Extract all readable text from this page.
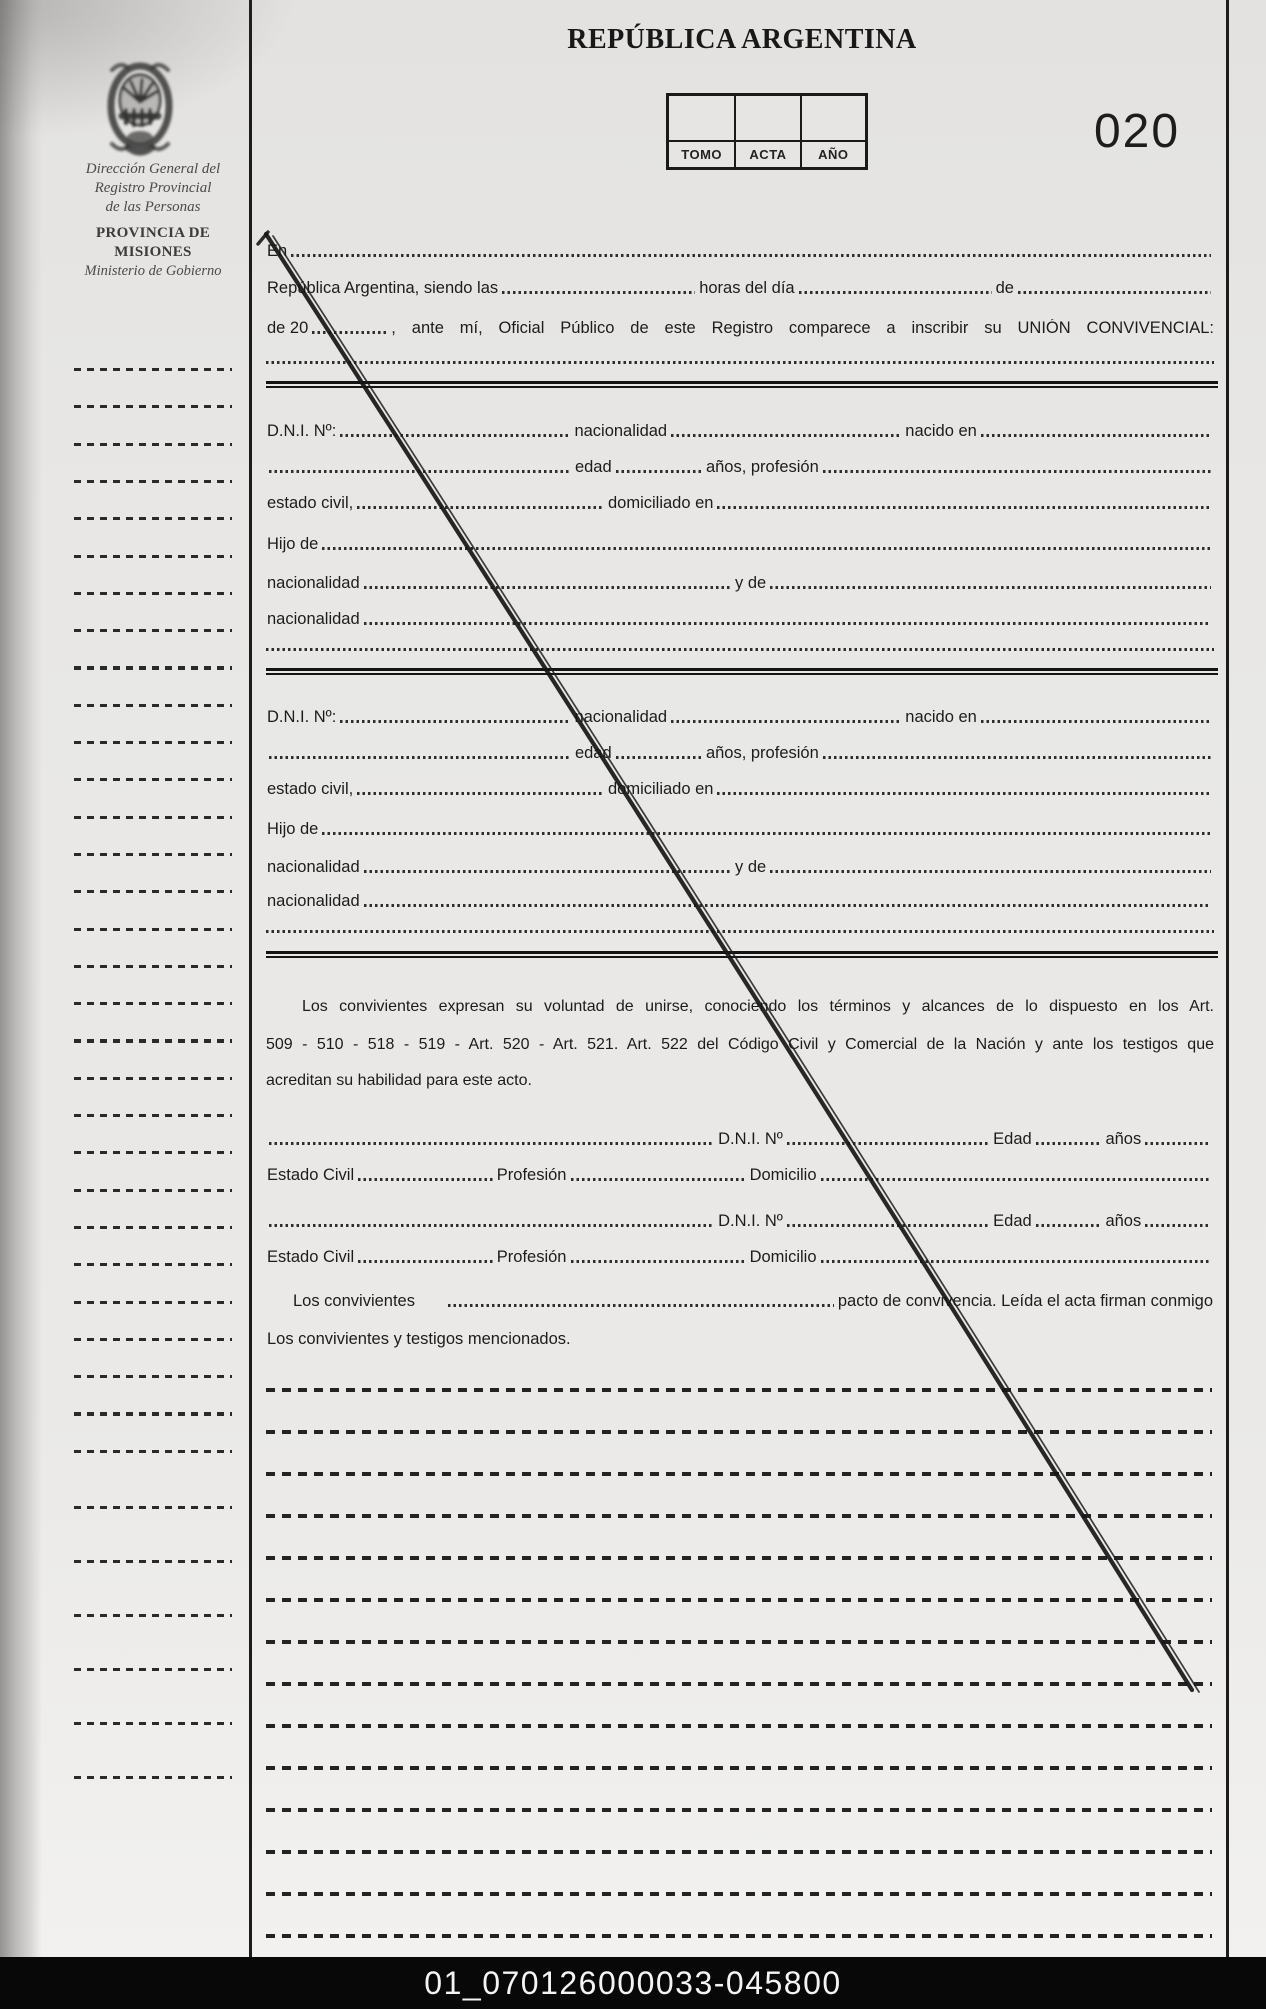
REPÚBLICA ARGENTINA
TOMO	ACTA	AÑO	020
Dirección General del
Registro Provincial
de las Personas
PROVINCIA DE
MISIONES
Ministerio de Gobierno
En
República Argentina, siendo las	horas del día	de
de 20	, ante mí, Oficial Público de este Registro comparece a inscribir su UNIÓN CONVIVENCIAL:
D.N.I. Nº:	nacionalidad	nacido en
edad	años, profesión
estado civil,	domiciliado en
Hijo de
nacionalidad	y de
nacionalidad
D.N.I. Nº:	nacionalidad	nacido en
edad	años, profesión
estado civil,	domiciliado en
Hijo de
nacionalidad	y de
nacionalidad
Los convivientes expresan su voluntad de unirse, conociendo los términos y alcances de lo dispuesto en los Art.
509 - 510 - 518 - 519 - Art. 520 - Art. 521. Art. 522 del Código Civil y Comercial de la Nación y ante los testigos que
acreditan su habilidad para este acto.
D.N.I. Nº	Edad	años
Estado Civil	Profesión	Domicilio
D.N.I. Nº	Edad	años
Estado Civil	Profesión	Domicilio
Los convivientes	pacto de convivencia. Leída el acta firman conmigo
Los convivientes y testigos mencionados.
01_070126000033-045800
